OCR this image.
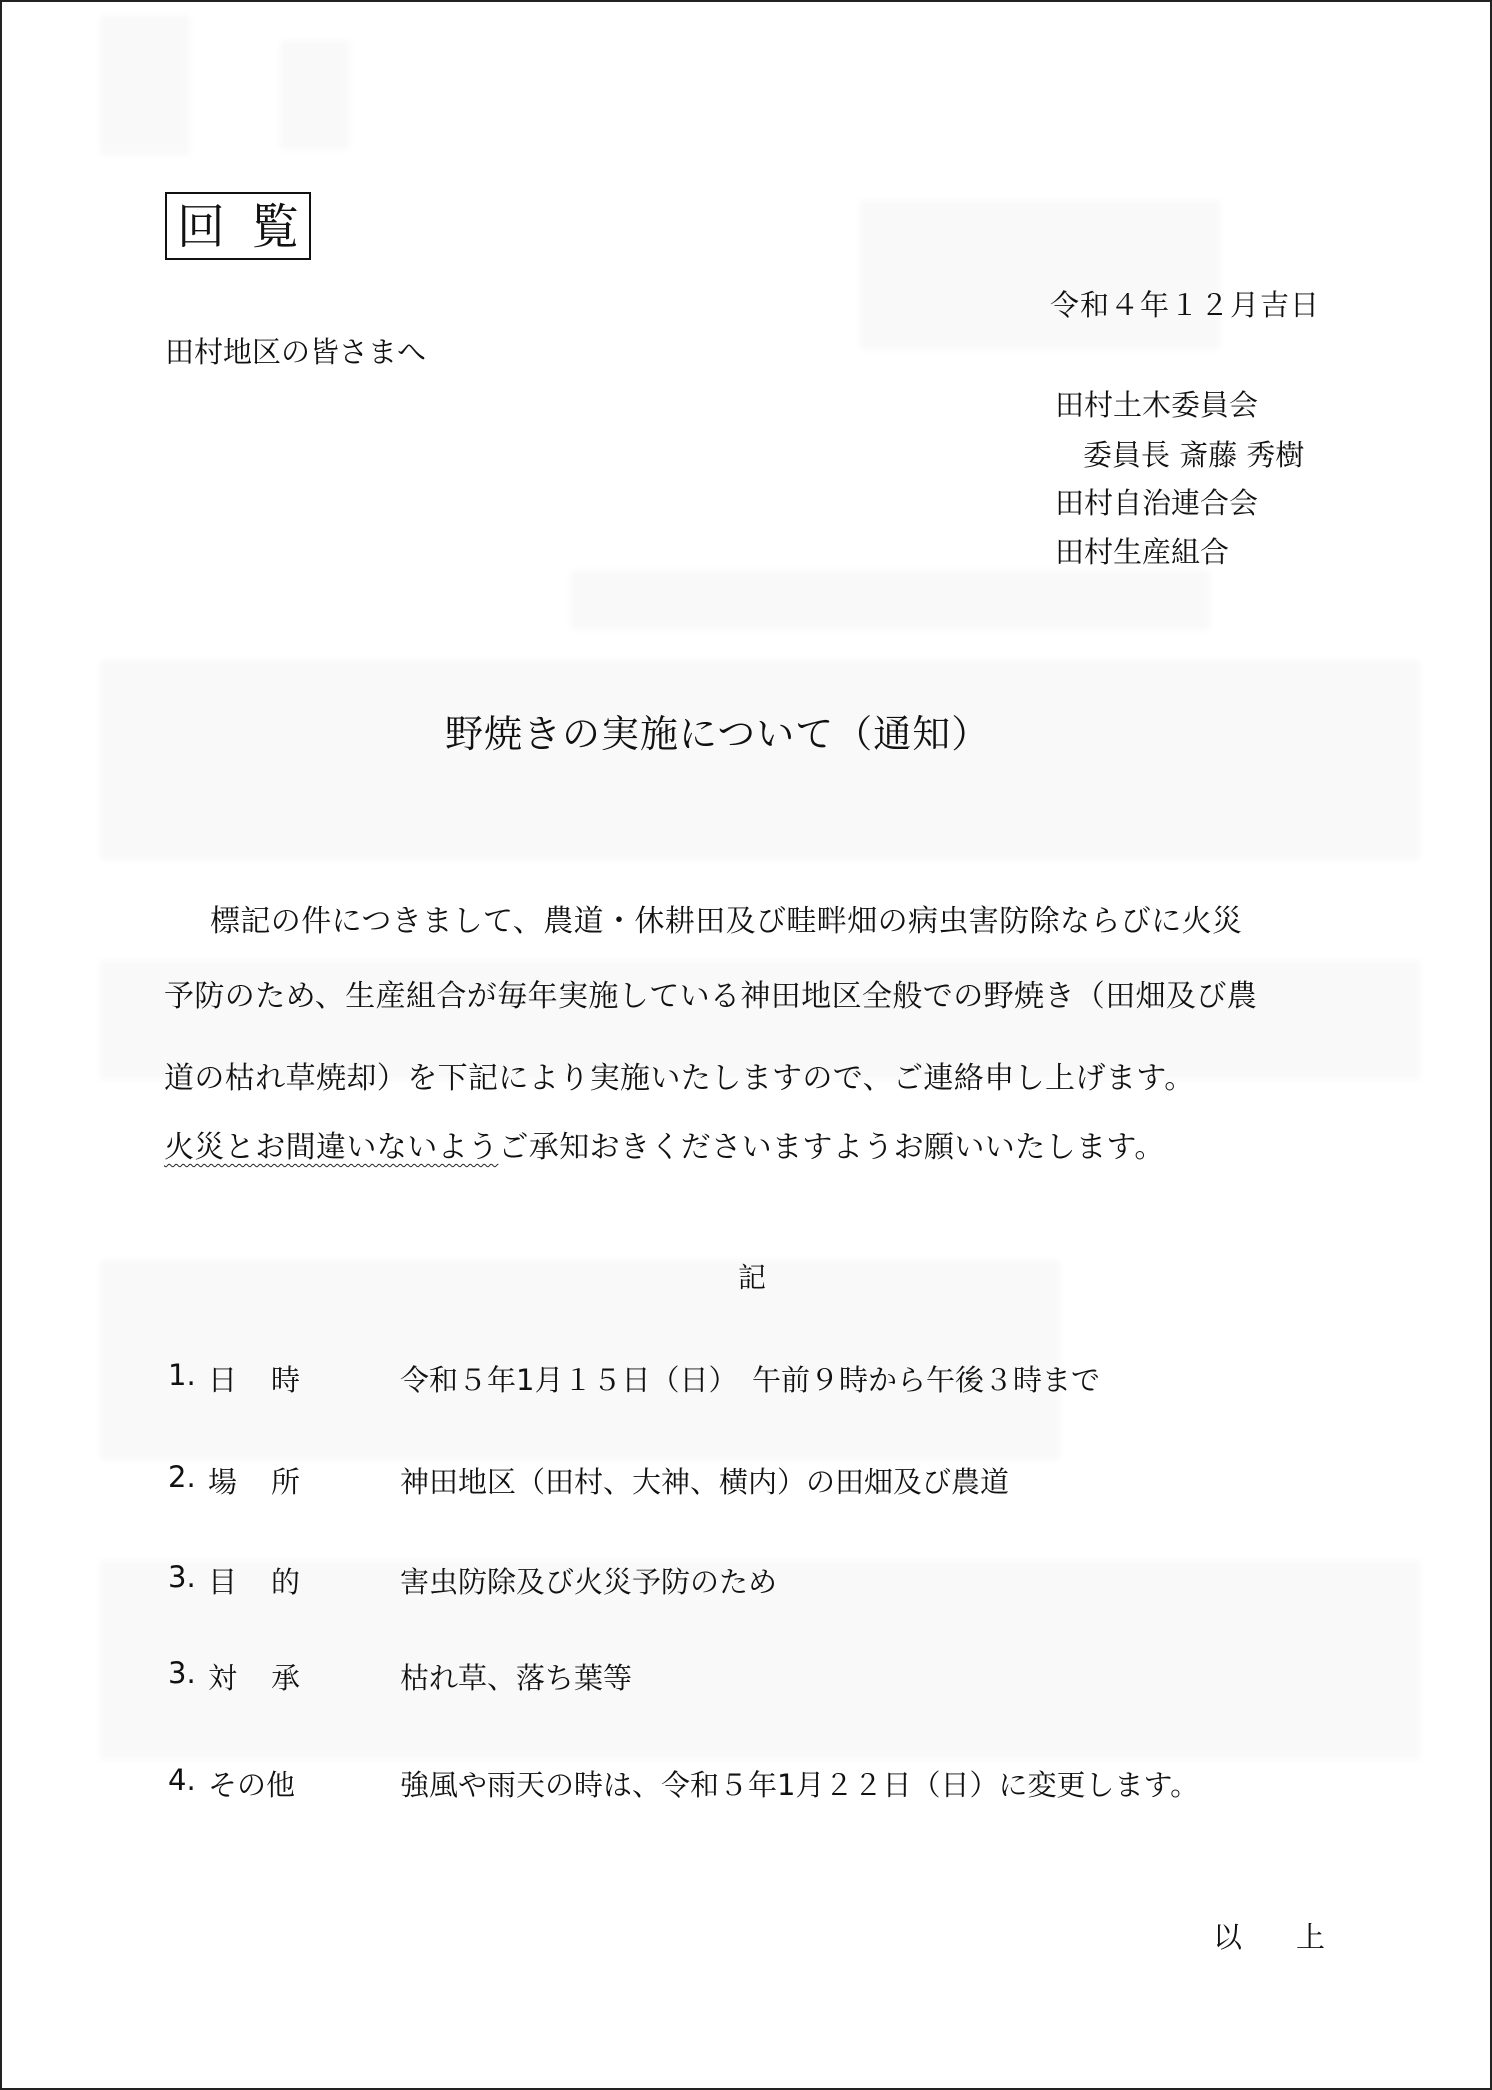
回覧
令和４年１２月吉日
田村地区の皆さまへ
田村土木委員会
委員長 斎藤 秀樹
田村自治連合会
田村生産組合
野焼きの実施について（通知）
標記の件につきまして、農道・休耕田及び畦畔畑の病虫害防除ならびに火災
予防のため、生産組合が毎年実施している神田地区全般での野焼き（田畑及び農
道の枯れ草焼却）を下記により実施いたしますので、ご連絡申し上げます。
火災とお間違いないようご承知おきくださいますようお願いいたします。
記
1. 日時 令和５年1月１５日（日）　午前９時から午後３時まで
2. 場所 神田地区（田村、大神、横内）の田畑及び農道
3. 目的 害虫防除及び火災予防のため
3. 対承 枯れ草、落ち葉等
4. その他	強風や雨天の時は、令和５年1月２２日（日）に変更します。
以上
